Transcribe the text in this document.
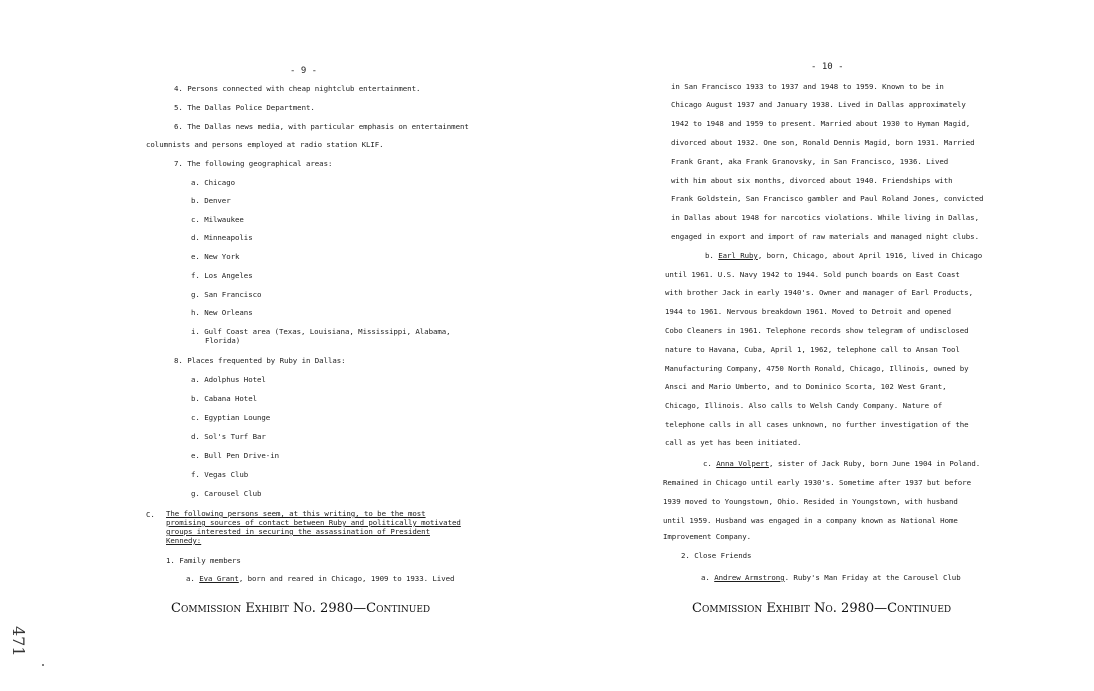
- 9 -
4. Persons connected with cheap nightclub entertainment.
5. The Dallas Police Department.
6. The Dallas news media, with particular emphasis on entertainment
columnists and persons employed at radio station KLIF.
7. The following geographical areas:
a. Chicago
b. Denver
c. Milwaukee
d. Minneapolis
e. New York
f. Los Angeles
g. San Francisco
h. New Orleans
i. Gulf Coast area (Texas, Louisiana, Mississippi, Alabama,
Florida)
8. Places frequented by Ruby in Dallas:
a. Adolphus Hotel
b. Cabana Hotel
c. Egyptian Lounge
d. Sol's Turf Bar
e. Bull Pen Drive-in
f. Vegas Club
g. Carousel Club
C. The following persons seem, at this writing, to be the most
promising sources of contact between Ruby and politically motivated
groups interested in securing the assassination of President
Kennedy:
1. Family members
a. Eva Grant, born and reared in Chicago, 1909 to 1933. Lived
Commission Exhibit No. 2980—Continued
- 10 -
in San Francisco 1933 to 1937 and 1948 to 1959. Known to be in
Chicago August 1937 and January 1938. Lived in Dallas approximately
1942 to 1948 and 1959 to present. Married about 1930 to Hyman Magid,
divorced about 1932. One son, Ronald Dennis Magid, born 1931. Married
Frank Grant, aka Frank Granovsky, in San Francisco, 1936. Lived
with him about six months, divorced about 1940. Friendships with
Frank Goldstein, San Francisco gambler and Paul Roland Jones, convicted
in Dallas about 1948 for narcotics violations. While living in Dallas,
engaged in export and import of raw materials and managed night clubs.
b. Earl Ruby, born, Chicago, about April 1916, lived in Chicago
until 1961. U.S. Navy 1942 to 1944. Sold punch boards on East Coast
with brother Jack in early 1940's. Owner and manager of Earl Products,
1944 to 1961. Nervous breakdown 1961. Moved to Detroit and opened
Cobo Cleaners in 1961. Telephone records show telegram of undisclosed
nature to Havana, Cuba, April 1, 1962, telephone call to Ansan Tool
Manufacturing Company, 4750 North Ronald, Chicago, Illinois, owned by
Ansci and Mario Umberto, and to Dominico Scorta, 102 West Grant,
Chicago, Illinois. Also calls to Welsh Candy Company. Nature of
telephone calls in all cases unknown, no further investigation of the
call as yet has been initiated.
c. Anna Volpert, sister of Jack Ruby, born June 1904 in Poland.
Remained in Chicago until early 1930's. Sometime after 1937 but before
1939 moved to Youngstown, Ohio. Resided in Youngstown, with husband
until 1959. Husband was engaged in a company known as National Home
Improvement Company.
2. Close Friends
a. Andrew Armstrong. Ruby's Man Friday at the Carousel Club
Commission Exhibit No. 2980—Continued
471
